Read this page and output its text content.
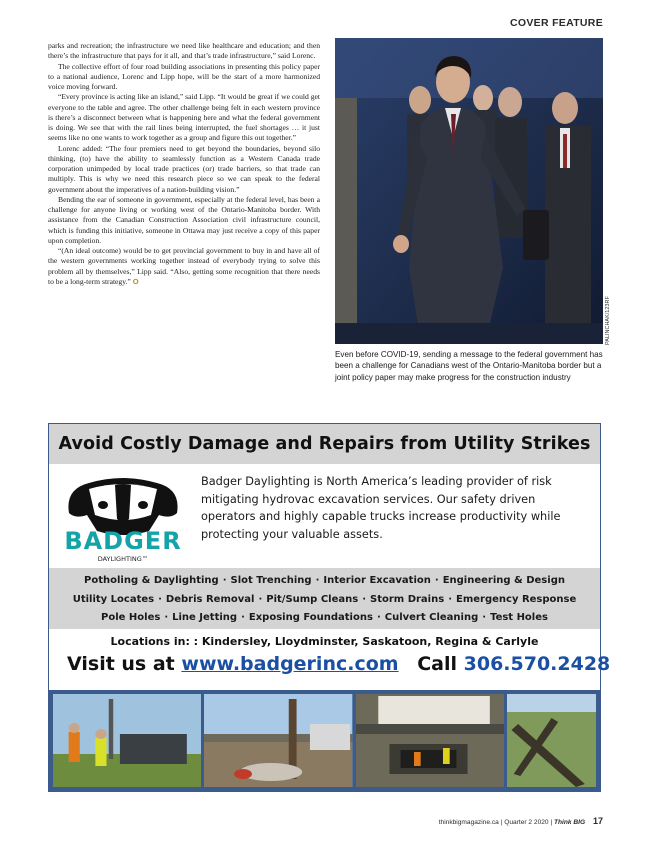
COVER FEATURE

parks and recreation; the infrastructure we need like healthcare and education; and then there’s the infrastructure that pays for it all, and that’s trade infrastructure,” said Lorenc.

The collective effort of four road building associations in presenting this policy paper to a national audience, Lorenc and Lipp hope, will be the start of a more harmonized voice moving forward.

“Every province is acting like an island,” said Lipp. “It would be great if we could get everyone to the table and agree. The other challenge being felt in each western province is there’s a disconnect between what is happening here and what the federal government is doing. We see that with the rail lines being interrupted, the fuel shortages … it just seems like no one wants to work together as a group and figure this out together.”

Lorenc added: “The four premiers need to get beyond the boundaries, beyond silo thinking, (to) have the ability to seamlessly function as a Western Canada trade corporation unimpeded by local trade practices (or) trade barriers, so that trade can multiply. This is why we need this research piece so we can speak to the federal government about the imperatives of a nation-building vision.”

Bending the ear of someone in government, especially at the federal level, has been a challenge for anyone living or working west of the Ontario-Manitoba border. With assistance from the Canadian Construction Association civil infrastructure council, which is funding this initiative, someone in Ottawa may just receive a copy of this paper upon completion.

“(An ideal outcome) would be to get provincial government to buy in and have all of the western governments working together instead of everybody trying to solve this problem all by themselves,” Lipp said. “Also, getting some recognition that there needs to be a long-term strategy.” O

PALINCHAK/123RF
Even before COVID-19, sending a message to the federal government has been a challenge for Canadians west of the Ontario-Manitoba border but a joint policy paper may make progress for the construction industry
Avoid Costly Damage and Repairs from Utility Strikes
BADGER
DAYLIGHTING™
Badger Daylighting is North America’s leading provider of risk mitigating hydrovac excavation services. Our safety driven operators and highly capable trucks increase productivity while protecting your valuable assets.
Potholing & Daylighting · Slot Trenching · Interior Excavation · Engineering & Design
Utility Locates · Debris Removal · Pit/Sump Cleans · Storm Drains · Emergency Response
Pole Holes · Line Jetting · Exposing Foundations · Culvert Cleaning · Test Holes
Locations in: : Kindersley, Lloydminster, Saskatoon, Regina & Carlyle
Visit us at www.badgerinc.com Call 306.570.2428
thinkbigmagazine.ca | Quarter 2 2020 | Think BIG 17
